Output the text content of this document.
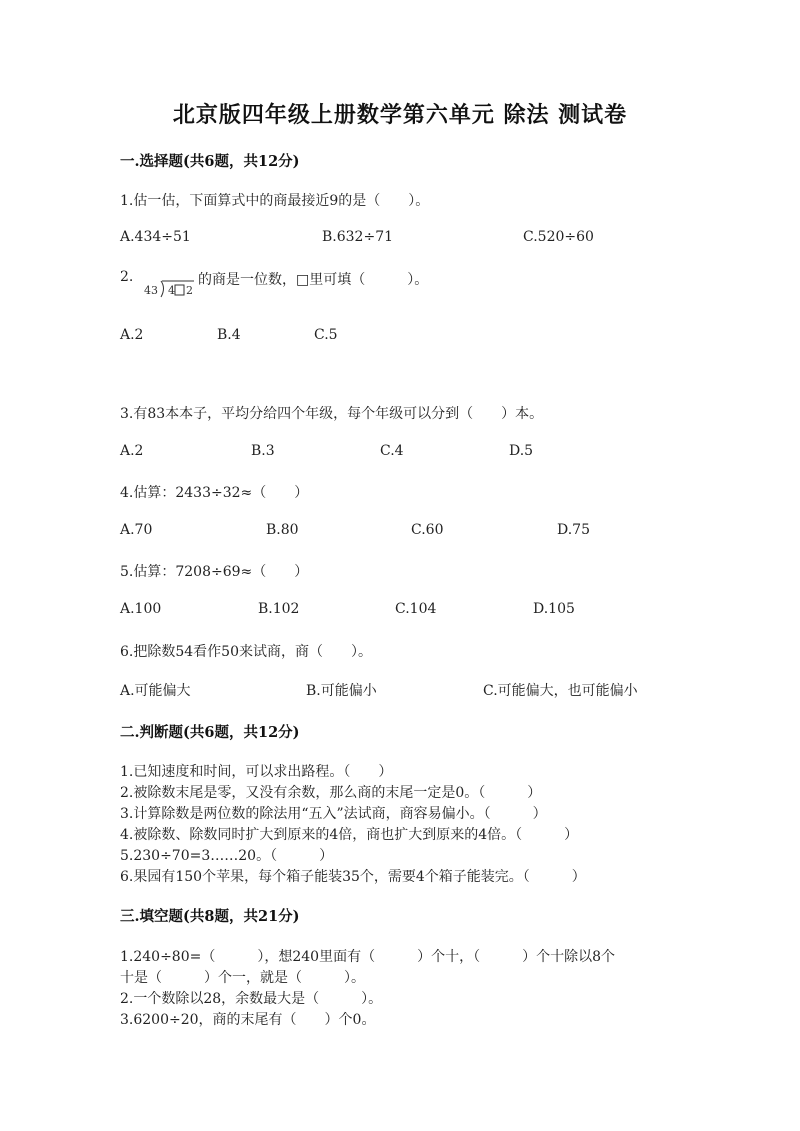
北京版四年级上册数学第六单元 除法 测试卷
一.选择题(共6题，共12分)
1.估一估，下面算式中的商最接近9的是（　　）。
A.434÷51	B.632÷71	C.520÷60
2.
43 4 2
的商是一位数，□里可填（　　　）。
A.2	B.4	C.5
3.有83本本子，平均分给四个年级，每个年级可以分到（　　）本。
A.2	B.3	C.4	D.5
4.估算：2433÷32≈（　　）
A.70	B.80	C.60	D.75
5.估算：7208÷69≈（　　）
A.100	B.102	C.104	D.105
6.把除数54看作50来试商，商（　　）。
A.可能偏大	B.可能偏小	C.可能偏大，也可能偏小
二.判断题(共6题，共12分)
1.已知速度和时间，可以求出路程。（　　）
2.被除数末尾是零，又没有余数，那么商的末尾一定是0。（　　　）
3.计算除数是两位数的除法用“五入”法试商，商容易偏小。（　　　）
4.被除数、除数同时扩大到原来的4倍，商也扩大到原来的4倍。（　　　）
5.230÷70=3……20。（　　　）
6.果园有150个苹果，每个箱子能装35个，需要4个箱子能装完。（　　　）
三.填空题(共8题，共21分)
1.240÷80=（　　　），想240里面有（　　　）个十，（　　　）个十除以8个
十是（　　　）个一，就是（　　　）。
2.一个数除以28，余数最大是（　　　）。
3.6200÷20，商的末尾有（　　）个0。
